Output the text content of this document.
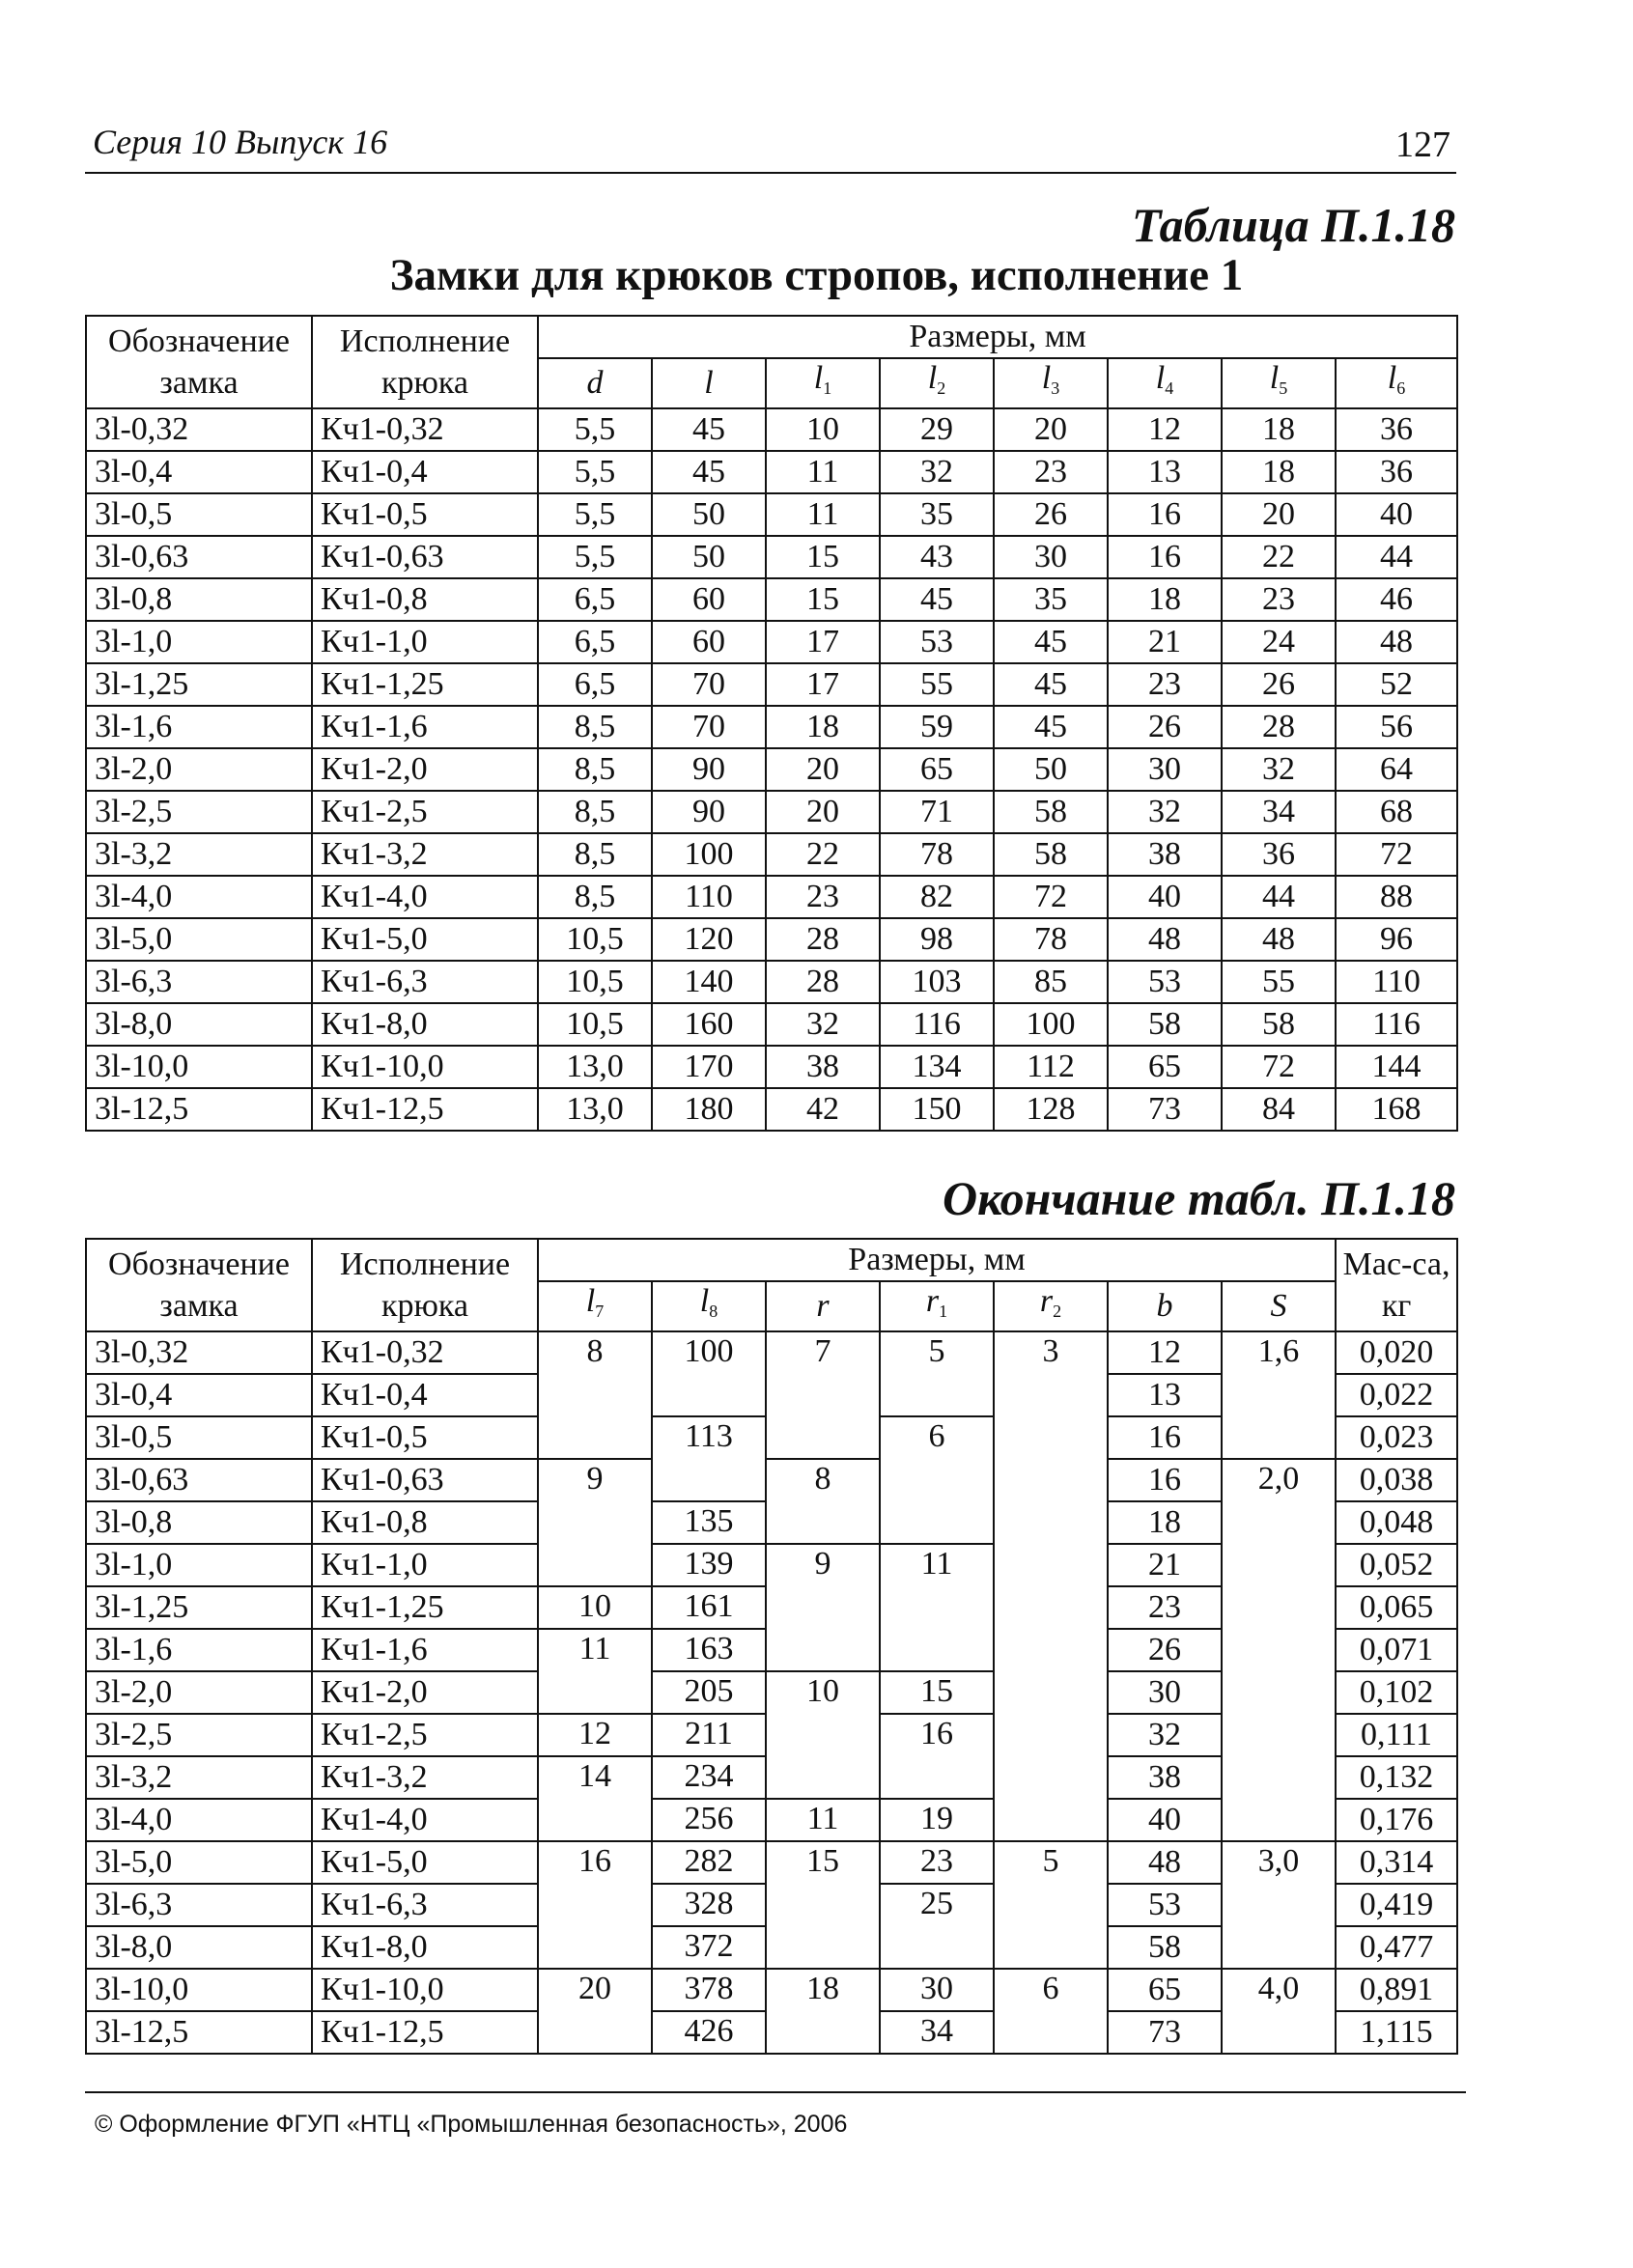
Серия 10 Выпуск 16	127
Таблица П.1.18
Замки для крюков стропов, исполнение 1
Обозначение замка	Исполнение крюка	Размеры, мм							
		d	l	l1	l2	l3	l4	l5	l6
3l-0,32	Кч1-0,32	5,5	45	10	29	20	12	18	36
3l-0,4	Кч1-0,4	5,5	45	11	32	23	13	18	36
3l-0,5	Кч1-0,5	5,5	50	11	35	26	16	20	40
3l-0,63	Кч1-0,63	5,5	50	15	43	30	16	22	44
3l-0,8	Кч1-0,8	6,5	60	15	45	35	18	23	46
3l-1,0	Кч1-1,0	6,5	60	17	53	45	21	24	48
3l-1,25	Кч1-1,25	6,5	70	17	55	45	23	26	52
3l-1,6	Кч1-1,6	8,5	70	18	59	45	26	28	56
3l-2,0	Кч1-2,0	8,5	90	20	65	50	30	32	64
3l-2,5	Кч1-2,5	8,5	90	20	71	58	32	34	68
3l-3,2	Кч1-3,2	8,5	100	22	78	58	38	36	72
3l-4,0	Кч1-4,0	8,5	110	23	82	72	40	44	88
3l-5,0	Кч1-5,0	10,5	120	28	98	78	48	48	96
3l-6,3	Кч1-6,3	10,5	140	28	103	85	53	55	110
3l-8,0	Кч1-8,0	10,5	160	32	116	100	58	58	116
3l-10,0	Кч1-10,0	13,0	170	38	134	112	65	72	144
3l-12,5	Кч1-12,5	13,0	180	42	150	128	73	84	168
Окончание табл. П.1.18
Обозначение замка	Исполнение крюка	Размеры, мм							Мас-са, кг
		l7	l8	r	r1	r2	b	S	
3l-0,32	Кч1-0,32	8	100	7	5	3	12	1,6	0,020
3l-0,4	Кч1-0,4						13		0,022
3l-0,5	Кч1-0,5		113		6		16		0,023
3l-0,63	Кч1-0,63	9		8			16	2,0	0,038
3l-0,8	Кч1-0,8		135				18		0,048
3l-1,0	Кч1-1,0		139	9	11		21		0,052
3l-1,25	Кч1-1,25	10	161				23		0,065
3l-1,6	Кч1-1,6	11	163				26		0,071
3l-2,0	Кч1-2,0		205	10	15		30		0,102
3l-2,5	Кч1-2,5	12	211		16		32		0,111
3l-3,2	Кч1-3,2	14	234				38		0,132
3l-4,0	Кч1-4,0		256	11	19		40		0,176
3l-5,0	Кч1-5,0	16	282	15	23	5	48	3,0	0,314
3l-6,3	Кч1-6,3		328		25		53		0,419
3l-8,0	Кч1-8,0		372				58		0,477
3l-10,0	Кч1-10,0	20	378	18	30	6	65	4,0	0,891
3l-12,5	Кч1-12,5		426		34		73		1,115
© Оформление ФГУП «НТЦ «Промышленная безопасность», 2006
